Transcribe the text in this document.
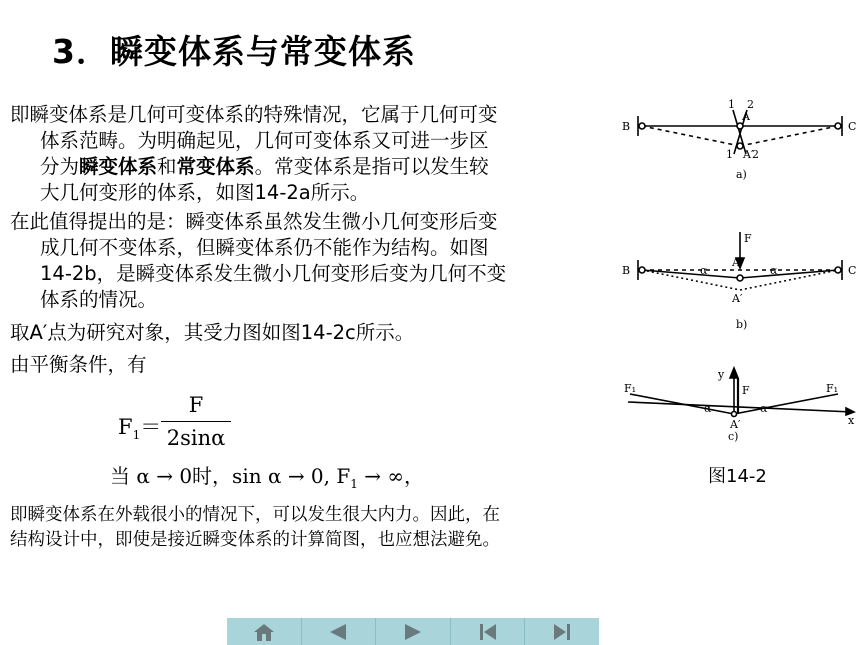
3．瞬变体系与常变体系
即瞬变体系是几何可变体系的特殊情况，它属于几何可变
体系范畴。为明确起见，几何可变体系又可进一步区
分为瞬变体系和常变体系。常变体系是指可以发生较
大几何变形的体系，如图14-2a所示。
在此值得提出的是：瞬变体系虽然发生微小几何变形后变
成几何不变体系，但瞬变体系仍不能作为结构。如图
14-2b，是瞬变体系发生微小几何变形后变为几何不变
体系的情况。
取A′点为研究对象，其受力图如图14-2c所示。
由平衡条件，有
$F_1=$
F
2sinα
当 α → 0时，sin α → 0, $F_1$ → ∞，
即瞬变体系在外载很小的情况下，可以发生很大内力。因此，在
结构设计中，即使是接近瞬变体系的计算简图，也应想法避免。
B	C
A
A′
1 2
1 2
a)
B	C
F
A
A′
α	α
b)
F₁	F₁
y
x
F
A′
α	α
c)
图14-2
